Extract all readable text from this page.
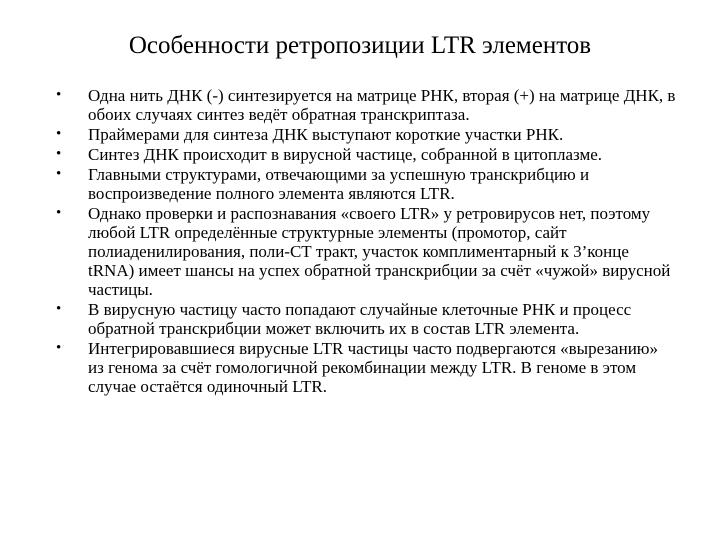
Особенности ретропозиции LTR элементов
•	Одна нить ДНК (-) синтезируется на матрице РНК, вторая (+) на матрице ДНК, в обоих случаях синтез ведёт обратная транскриптаза.
•	Праймерами для синтеза ДНК выступают короткие участки РНК.
•	Синтез ДНК происходит в вирусной частице, собранной в цитоплазме.
•	Главными структурами, отвечающими за успешную транскрибцию и воспроизведение полного элемента являются LTR.
•	Однако проверки и распознавания «своего LTR» у ретровирусов нет, поэтому любой LTR определённые структурные элементы (промотор, сайт полиаденилирования, поли-СТ тракт, участок комплиментарный к 3’конце tRNA) имеет шансы на успех обратной транскрибции за счёт «чужой» вирусной частицы.
•	В вирусную частицу часто попадают случайные клеточные РНК и процесс обратной транскрибции может включить их в состав LTR элемента.
•	Интегрировавшиеся вирусные LTR частицы часто подвергаются «вырезанию» из генома за счёт гомологичной рекомбинации между LTR. В геноме в этом случае остаётся одиночный LTR.
